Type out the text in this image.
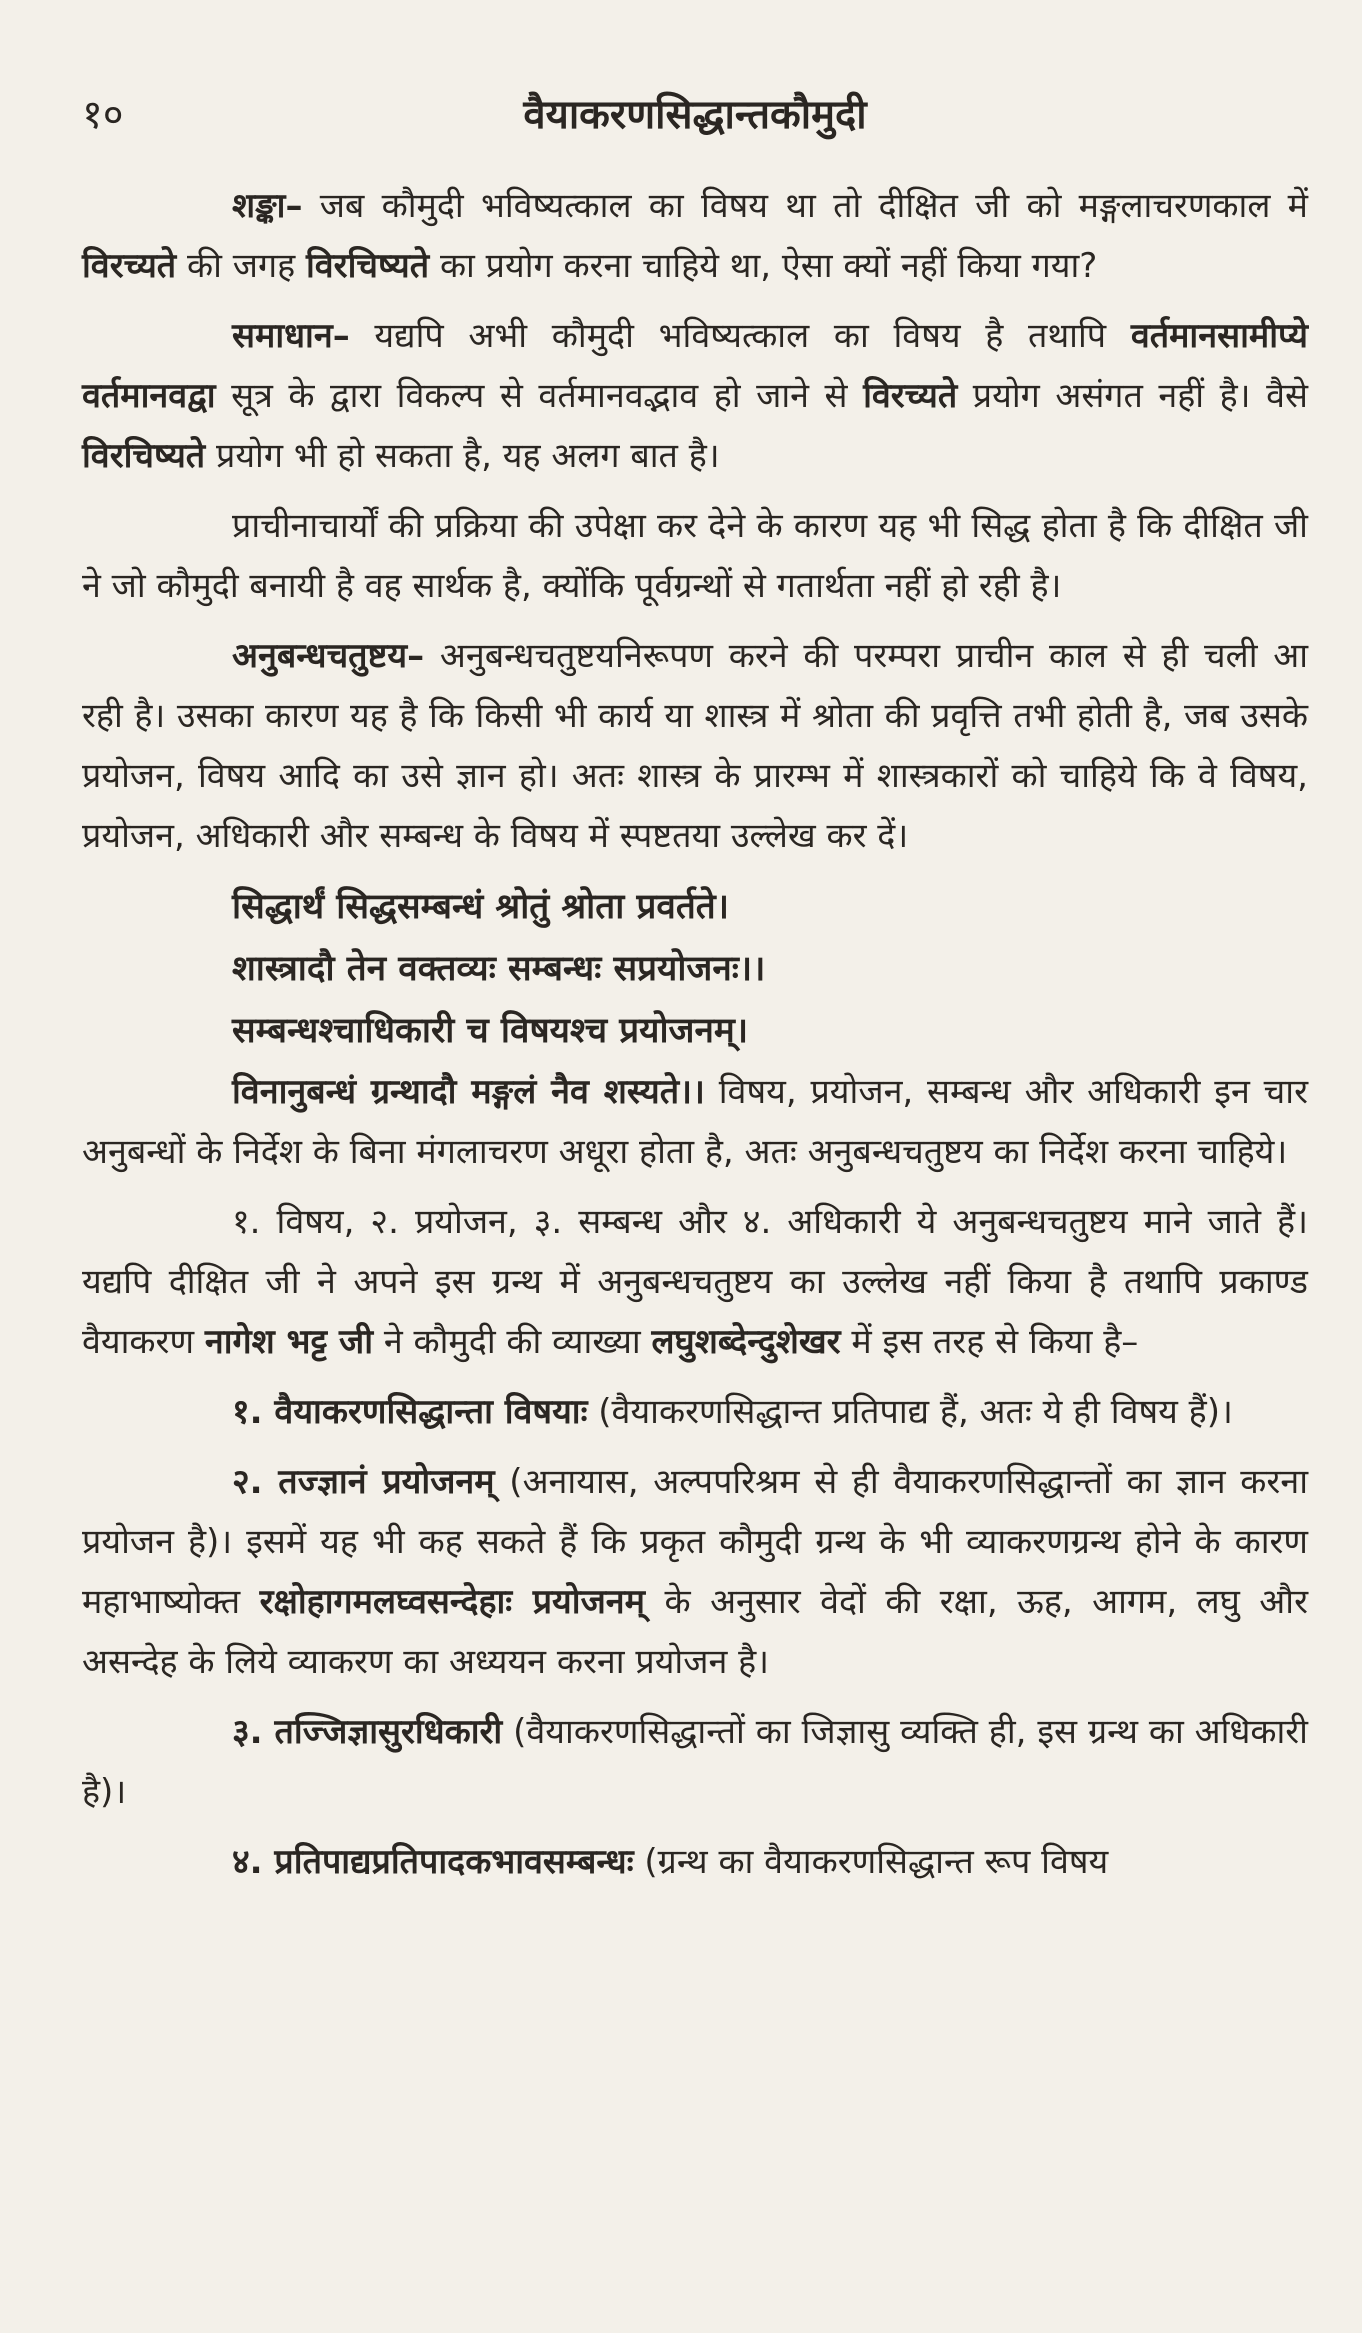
१०	वैयाकरणसिद्धान्तकौमुदी

शङ्का– जब कौमुदी भविष्यत्काल का विषय था तो दीक्षित जी को मङ्गलाचरणकाल में विरच्यते की जगह विरचिष्यते का प्रयोग करना चाहिये था, ऐसा क्यों नहीं किया गया?

समाधान– यद्यपि अभी कौमुदी भविष्यत्काल का विषय है तथापि वर्तमानसामीप्ये वर्तमानवद्वा सूत्र के द्वारा विकल्प से वर्तमानवद्भाव हो जाने से विरच्यते प्रयोग असंगत नहीं है। वैसे विरचिष्यते प्रयोग भी हो सकता है, यह अलग बात है।

प्राचीनाचार्यों की प्रक्रिया की उपेक्षा कर देने के कारण यह भी सिद्ध होता है कि दीक्षित जी ने जो कौमुदी बनायी है वह सार्थक है, क्योंकि पूर्वग्रन्थों से गतार्थता नहीं हो रही है।

अनुबन्धचतुष्टय– अनुबन्धचतुष्टयनिरूपण करने की परम्परा प्राचीन काल से ही चली आ रही है। उसका कारण यह है कि किसी भी कार्य या शास्त्र में श्रोता की प्रवृत्ति तभी होती है, जब उसके प्रयोजन, विषय आदि का उसे ज्ञान हो। अतः शास्त्र के प्रारम्भ में शास्त्रकारों को चाहिये कि वे विषय, प्रयोजन, अधिकारी और सम्बन्ध के विषय में स्पष्टतया उल्लेख कर दें।

सिद्धार्थं सिद्धसम्बन्धं श्रोतुं श्रोता प्रवर्तते।
शास्त्रादौ तेन वक्तव्यः सम्बन्धः सप्रयोजनः।।
सम्बन्धश्चाधिकारी च विषयश्च प्रयोजनम्।

विनानुबन्धं ग्रन्थादौ मङ्गलं नैव शस्यते।। विषय, प्रयोजन, सम्बन्ध और अधिकारी इन चार अनुबन्धों के निर्देश के बिना मंगलाचरण अधूरा होता है, अतः अनुबन्धचतुष्टय का निर्देश करना चाहिये।

१. विषय, २. प्रयोजन, ३. सम्बन्ध और ४. अधिकारी ये अनुबन्धचतुष्टय माने जाते हैं। यद्यपि दीक्षित जी ने अपने इस ग्रन्थ में अनुबन्धचतुष्टय का उल्लेख नहीं किया है तथापि प्रकाण्ड वैयाकरण नागेश भट्ट जी ने कौमुदी की व्याख्या लघुशब्देन्दुशेखर में इस तरह से किया है–

१. वैयाकरणसिद्धान्ता विषयाः (वैयाकरणसिद्धान्त प्रतिपाद्य हैं, अतः ये ही विषय हैं)।

२. तज्ज्ञानं प्रयोजनम् (अनायास, अल्पपरिश्रम से ही वैयाकरणसिद्धान्तों का ज्ञान करना प्रयोजन है)। इसमें यह भी कह सकते हैं कि प्रकृत कौमुदी ग्रन्थ के भी व्याकरणग्रन्थ होने के कारण महाभाष्योक्त रक्षोहागमलघ्वसन्देहाः प्रयोजनम् के अनुसार वेदों की रक्षा, ऊह, आगम, लघु और असन्देह के लिये व्याकरण का अध्ययन करना प्रयोजन है।

३. तज्जिज्ञासुरधिकारी (वैयाकरणसिद्धान्तों का जिज्ञासु व्यक्ति ही, इस ग्रन्थ का अधिकारी है)।

४. प्रतिपाद्यप्रतिपादकभावसम्बन्धः (ग्रन्थ का वैयाकरणसिद्धान्त रूप विषय
